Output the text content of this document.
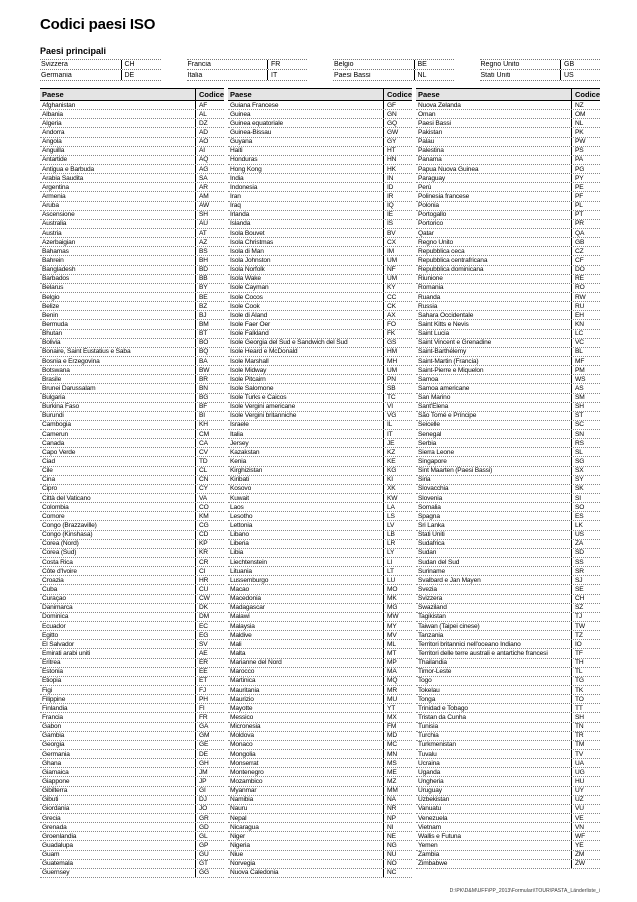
Codici paesi ISO
Paesi principali
Svizzera	CH
Germania	DE
Francia	FR
Italia	IT
Belgio	BE
Paesi Bassi	NL
Regno Unito	GB
Stati Uniti	US
Paese	Codice
Afghanistan	AF
Albania	AL
Algeria	DZ
Andorra	AD
Angola	AO
Anguilla	AI
Antartide	AQ
Antigua e Barbuda	AG
Arabia Saudita	SA
Argentina	AR
Armenia	AM
Aruba	AW
Ascensione	SH
Australia	AU
Austria	AT
Azerbaigian	AZ
Bahamas	BS
Bahrein	BH
Bangladesh	BD
Barbados	BB
Belarus	BY
Belgio	BE
Belize	BZ
Benin	BJ
Bermuda	BM
Bhutan	BT
Bolivia	BO
Bonaire, Saint Eustatius e Saba	BQ
Bosnia e Erzegovina	BA
Botswana	BW
Brasile	BR
Brunei Darussalam	BN
Bulgaria	BG
Burkina Faso	BF
Burundi	BI
Cambogia	KH
Camerun	CM
Canada	CA
Capo Verde	CV
Ciad	TD
Cile	CL
Cina	CN
Cipro	CY
Città del Vaticano	VA
Colombia	CO
Comore	KM
Congo (Brazzaville)	CG
Congo (Kinshasa)	CD
Corea (Nord)	KP
Corea (Sud)	KR
Costa Rica	CR
Côte d'Ivoire	CI
Croazia	HR
Cuba	CU
Curaçao	CW
Danimarca	DK
Dominica	DM
Ecuador	EC
Egitto	EG
El Salvador	SV
Emirati arabi uniti	AE
Eritrea	ER
Estonia	EE
Etiopia	ET
Figi	FJ
Filippine	PH
Finlandia	FI
Francia	FR
Gabon	GA
Gambia	GM
Georgia	GE
Germania	DE
Ghana	GH
Giamaica	JM
Giappone	JP
Gibilterra	GI
Gibuti	DJ
Giordania	JO
Grecia	GR
Grenada	GD
Groenlandia	GL
Guadalupa	GP
Guam	GU
Guatemala	GT
Guernsey	GG
Paese	Codice
Guiana Francese	GF
Guinea	GN
Guinea equatoriale	GQ
Guinea-Bissau	GW
Guyana	GY
Haiti	HT
Honduras	HN
Hong Kong	HK
India	IN
Indonesia	ID
Iran	IR
Iraq	IQ
Irlanda	IE
Islanda	IS
Isola Bouvet	BV
Isola Christmas	CX
Isola di Man	IM
Isola Johnston	UM
Isola Norfolk	NF
Isola Wake	UM
Isole Cayman	KY
Isole Cocos	CC
Isole Cook	CK
Isole di Aland	AX
Isole Faer Oer	FO
Isole Falkland	FK
Isole Georgia del Sud e Sandwich del Sud	GS
Isole Heard e McDonald	HM
Isole Marshall	MH
Isole Midway	UM
Isole Pitcairn	PN
Isole Salomone	SB
Isole Turks e Caicos	TC
Isole Vergini americane	VI
Isole Vergini britanniche	VG
Israele	IL
Italia	IT
Jersey	JE
Kazakstan	KZ
Kenia	KE
Kirghizistan	KG
Kiribati	KI
Kosovo	XK
Kuwait	KW
Laos	LA
Lesotho	LS
Lettonia	LV
Libano	LB
Liberia	LR
Libia	LY
Liechtenstein	LI
Lituania	LT
Lussemburgo	LU
Macao	MO
Macedonia	MK
Madagascar	MG
Malawi	MW
Malaysia	MY
Maldive	MV
Mali	ML
Malta	MT
Marianne del Nord	MP
Marocco	MA
Martinica	MQ
Mauritania	MR
Maurizio	MU
Mayotte	YT
Messico	MX
Micronesia	FM
Moldova	MD
Monaco	MC
Mongolia	MN
Monserrat	MS
Montenegro	ME
Mozambico	MZ
Myanmar	MM
Namibia	NA
Nauru	NR
Nepal	NP
Nicaragua	NI
Niger	NE
Nigeria	NG
Niue	NU
Norvegia	NO
Nuova Caledonia	NC
Paese	Codice
Nuova Zelanda	NZ
Oman	OM
Paesi Bassi	NL
Pakistan	PK
Palau	PW
Palestina	PS
Panama	PA
Papua Nuova Guinea	PG
Paraguay	PY
Perù	PE
Polinesia francese	PF
Polonia	PL
Portogallo	PT
Portorico	PR
Qatar	QA
Regno Unito	GB
Repubblica ceca	CZ
Repubblica centrafricana	CF
Repubblica dominicana	DO
Riunione	RE
Romania	RO
Ruanda	RW
Russia	RU
Sahara Occidentale	EH
Saint Kitts e Nevis	KN
Saint Lucia	LC
Saint Vincent e Grenadine	VC
Saint-Barthélemy	BL
Saint-Martin (Francia)	MF
Saint-Pierre e Miquelon	PM
Samoa	WS
Samoa americane	AS
San Marino	SM
Sant'Elena	SH
São Tomé e Príncipe	ST
Seicelle	SC
Senegal	SN
Serbia	RS
Sierra Leone	SL
Singapore	SG
Sint Maarten (Paesi Bassi)	SX
Siria	SY
Slovacchia	SK
Slovenia	SI
Somalia	SO
Spagna	ES
Sri Lanka	LK
Stati Uniti	US
Sudafrica	ZA
Sudan	SD
Sudan del Sud	SS
Suriname	SR
Svalbard e Jan Mayen	SJ
Svezia	SE
Svizzera	CH
Swaziland	SZ
Tagikistan	TJ
Taiwan (Taipei cinese)	TW
Tanzania	TZ
Territori britannici nell'oceano Indiano	IO
Territori delle terre australi e antartiche francesi	TF
Thailandia	TH
Timor-Leste	TL
Togo	TG
Tokelau	TK
Tonga	TO
Trinidad e Tobago	TT
Tristan da Cunha	SH
Tunisia	TN
Turchia	TR
Turkmenistan	TM
Tuvalu	TV
Ucraina	UA
Uganda	UG
Ungheria	HU
Uruguay	UY
Uzbekistan	UZ
Vanuatu	VU
Venezuela	VE
Vietnam	VN
Wallis e Futuna	WF
Yemen	YE
Zambia	ZM
Zimbabwe	ZW
D:\PK\D&M\UFF\PP_2013\Formulari\TOUR\PASTA_Länderliste_i
